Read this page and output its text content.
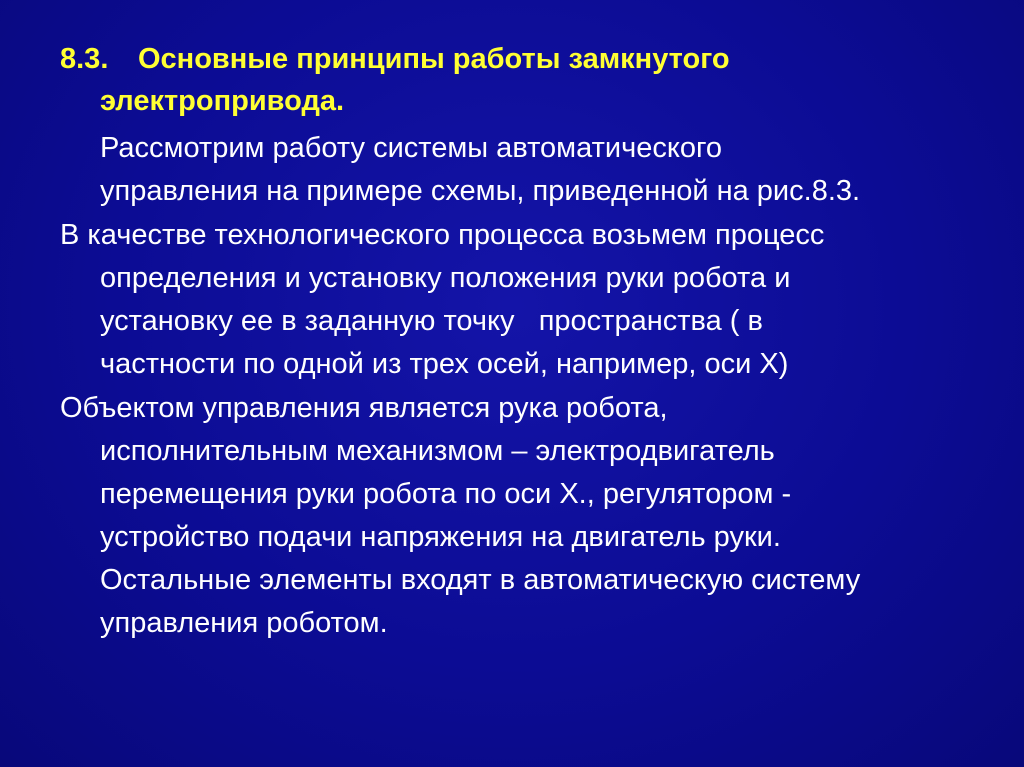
8.3. Основные принципы работы замкнутого
электропривода.
Рассмотрим работу системы автоматического
управления на примере схемы, приведенной на рис.8.3.
В качестве технологического процесса возьмем процесс
определения и установку положения руки робота и
установку ее в заданную точку   пространства ( в
частности по одной из трех осей, например, оси Х)
Объектом управления является рука робота,
исполнительным механизмом – электродвигатель
перемещения руки робота по оси Х., регулятором -
устройство подачи напряжения на двигатель руки.
Остальные элементы входят в автоматическую систему
управления роботом.
